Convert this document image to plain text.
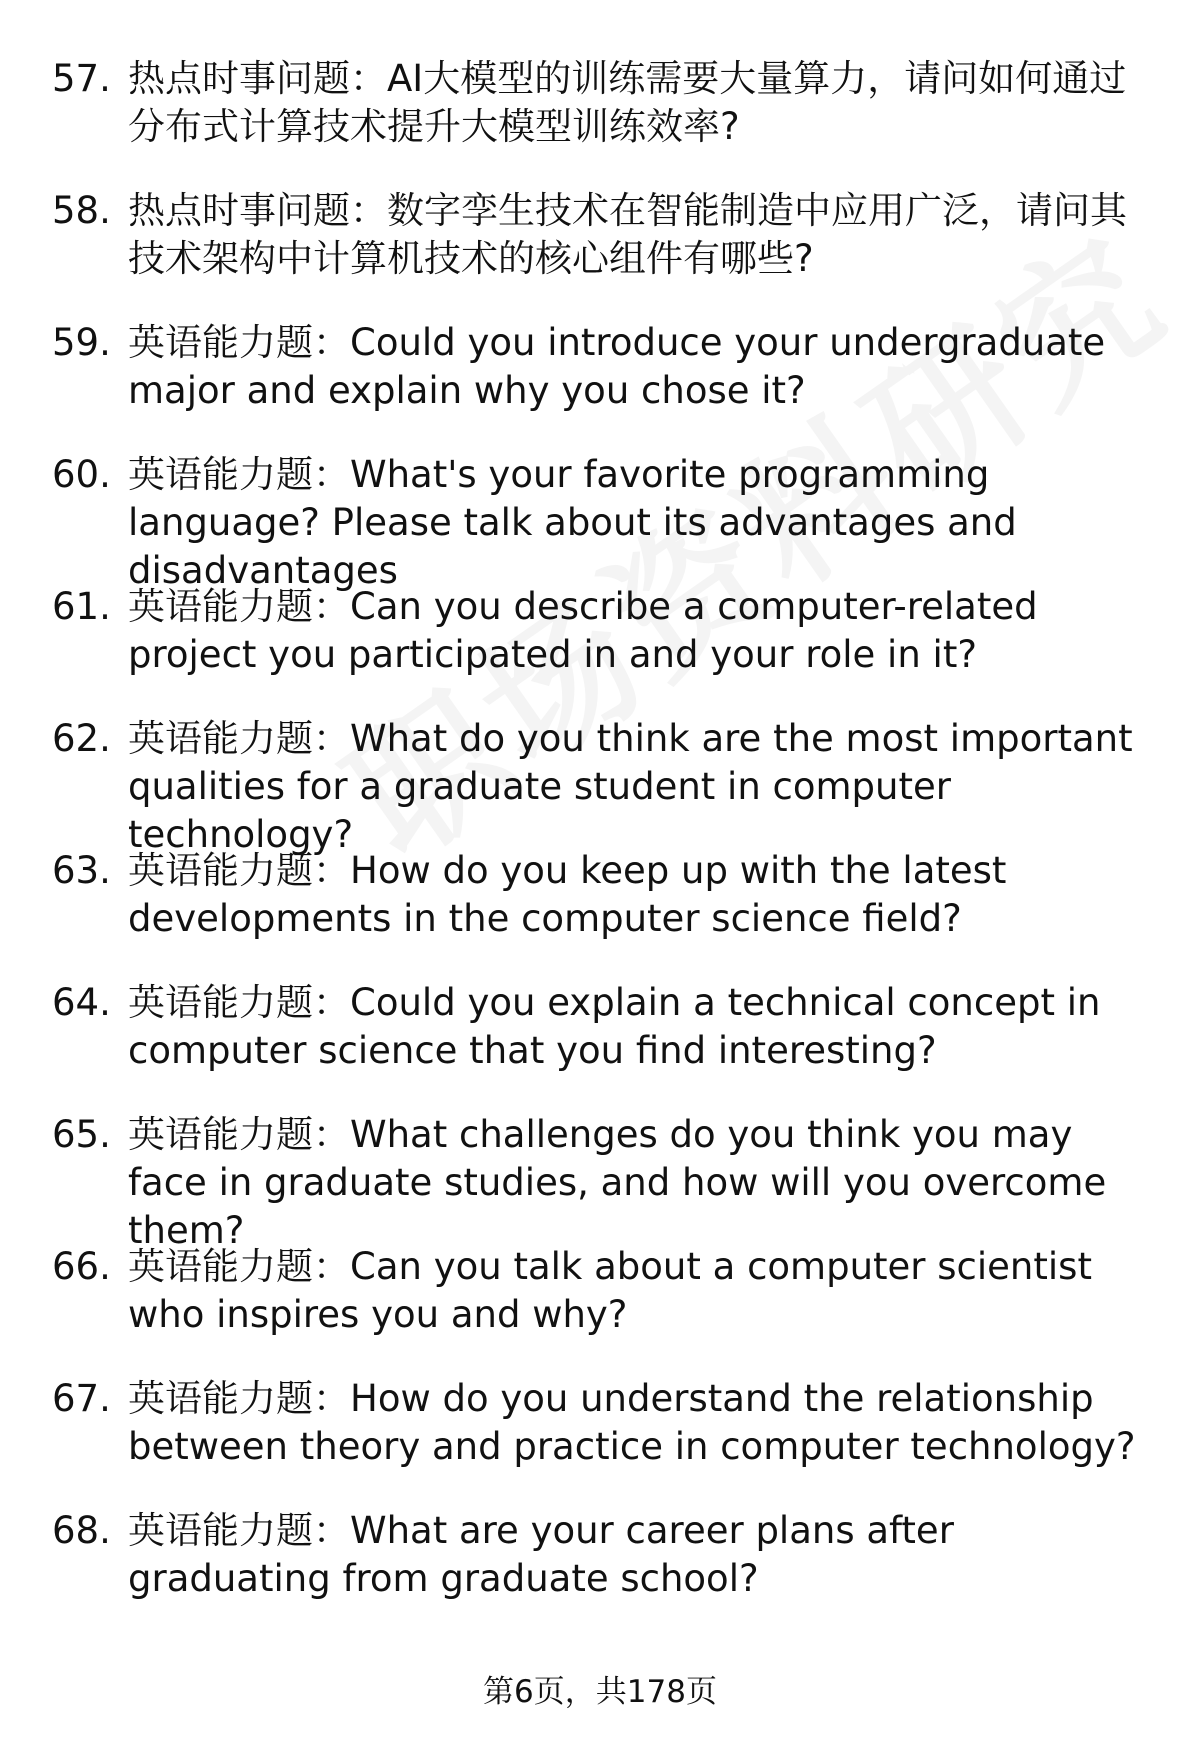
57. 热点时事问题：AI大模型的训练需要大量算力，请问如何通过分布式计算技术提升大模型训练效率?
58. 热点时事问题：数字孪生技术在智能制造中应用广泛，请问其技术架构中计算机技术的核心组件有哪些?
59. 英语能力题：Could you introduce your undergraduate major and explain why you chose it?
60. 英语能力题：What's your favorite programming language? Please talk about its advantages and disadvantages
61. 英语能力题：Can you describe a computer-related project you participated in and your role in it?
62. 英语能力题：What do you think are the most important qualities for a graduate student in computer technology?
63. 英语能力题：How do you keep up with the latest developments in the computer science field?
64. 英语能力题：Could you explain a technical concept in computer science that you find interesting?
65. 英语能力题：What challenges do you think you may face in graduate studies, and how will you overcome them?
66. 英语能力题：Can you talk about a computer scientist who inspires you and why?
67. 英语能力题：How do you understand the relationship between theory and practice in computer technology?
68. 英语能力题：What are your career plans after graduating from graduate school?
第6页，共178页
